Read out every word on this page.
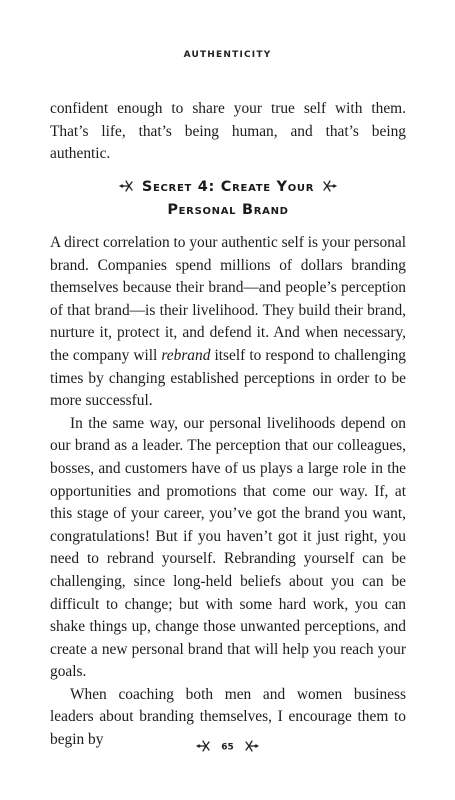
AUTHENTICITY

confident enough to share your true self with them. That’s life, that’s being human, and that’s being authentic.

Secret 4: Create Your
Personal Brand

A direct correlation to your authentic self is your personal brand. Companies spend millions of dollars branding themselves because their brand—and people’s perception of that brand—is their livelihood. They build their brand, nurture it, protect it, and defend it. And when necessary, the company will rebrand itself to respond to challenging times by changing established perceptions in order to be more successful.

In the same way, our personal livelihoods depend on our brand as a leader. The perception that our colleagues, bosses, and customers have of us plays a large role in the opportunities and promotions that come our way. If, at this stage of your career, you’ve got the brand you want, congratulations! But if you haven’t got it just right, you need to rebrand yourself. Rebranding yourself can be challenging, since long-held beliefs about you can be difficult to change; but with some hard work, you can shake things up, change those unwanted perceptions, and create a new personal brand that will help you reach your goals.

When coaching both men and women business leaders about branding themselves, I encourage them to begin by	65
